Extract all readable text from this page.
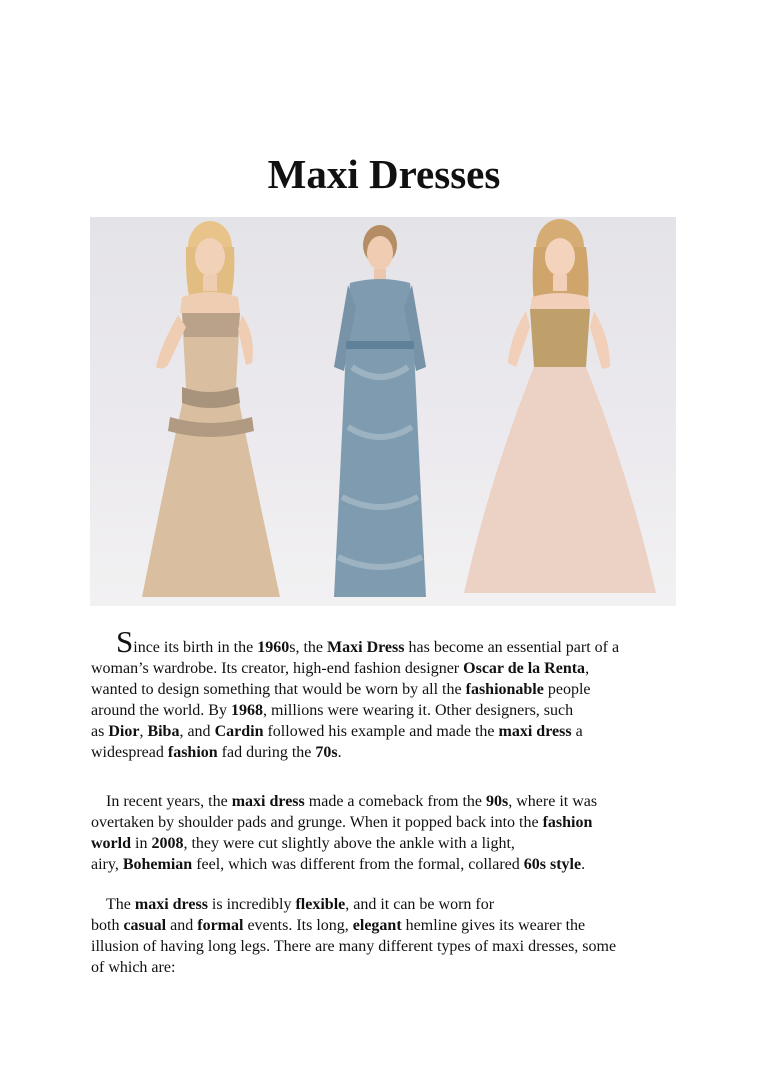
Maxi Dresses

Since its birth in the 1960s, the Maxi Dress has become an essential part of a
woman’s wardrobe. Its creator, high-end fashion designer Oscar de la Renta,
wanted to design something that would be worn by all the fashionable people
around the world. By 1968, millions were wearing it. Other designers, such
as Dior, Biba, and Cardin followed his example and made the maxi dress a
widespread fashion fad during the 70s.

In recent years, the maxi dress made a comeback from the 90s, where it was
overtaken by shoulder pads and grunge. When it popped back into the fashion
world in 2008, they were cut slightly above the ankle with a light,
airy, Bohemian feel, which was different from the formal, collared 60s style.

The maxi dress is incredibly flexible, and it can be worn for
both casual and formal events. Its long, elegant hemline gives its wearer the
illusion of having long legs. There are many different types of maxi dresses, some
of which are:
